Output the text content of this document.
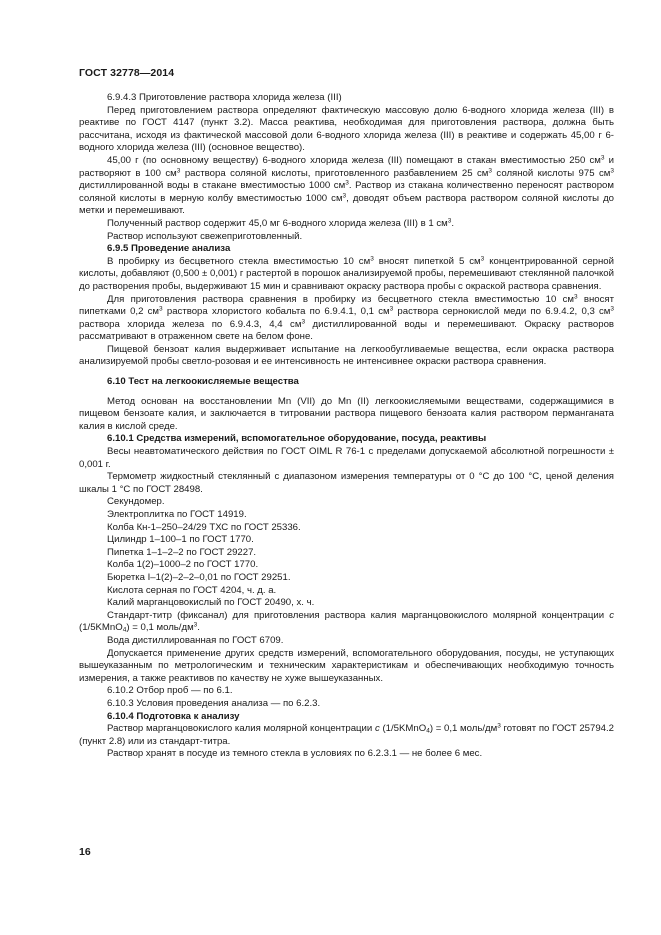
ГОСТ 32778—2014

6.9.4.3 Приготовление раствора хлорида железа (III)

Перед приготовлением раствора определяют фактическую массовую долю 6-водного хлорида железа (III) в реактиве по ГОСТ 4147 (пункт 3.2). Масса реактива, необходимая для приготовления раствора, должна быть рассчитана, исходя из фактической массовой доли 6-водного хлорида железа (III) в реактиве и содержать 45,00 г 6-водного хлорида железа (III) (основное вещество).

45,00 г (по основному веществу) 6-водного хлорида железа (III) помещают в стакан вместимостью 250 $см^3$ и растворяют в 100 $см^3$ раствора соляной кислоты, приготовленного разбавлением 25 $см^3$ соляной кислоты 975 $см^3$ дистиллированной воды в стакане вместимостью 1000 $см^3$. Раствор из стакана количественно переносят раствором соляной кислоты в мерную колбу вместимостью 1000 $см^3$, доводят объем раствора раствором соляной кислоты до метки и перемешивают.

Полученный раствор содержит 45,0 мг 6-водного хлорида железа (III) в 1 $см^3$.

Раствор используют свежеприготовленный.

6.9.5 Проведение анализа

В пробирку из бесцветного стекла вместимостью 10 $см^3$ вносят пипеткой 5 $см^3$ концентрированной серной кислоты, добавляют (0,500 ± 0,001) г растертой в порошок анализируемой пробы, перемешивают стеклянной палочкой до растворения пробы, выдерживают 15 мин и сравнивают окраску раствора пробы с окраской раствора сравнения.

Для приготовления раствора сравнения в пробирку из бесцветного стекла вместимостью 10 $см^3$ вносят пипетками 0,2 $см^3$ раствора хлористого кобальта по 6.9.4.1, 0,1 $см^3$ раствора сернокислой меди по 6.9.4.2, 0,3 $см^3$ раствора хлорида железа по 6.9.4.3, 4,4 $см^3$ дистиллированной воды и перемешивают. Окраску растворов рассматривают в отраженном свете на белом фоне.

Пищевой бензоат калия выдерживает испытание на легкообугливаемые вещества, если окраска раствора анализируемой пробы светло-розовая и ее интенсивность не интенсивнее окраски раствора сравнения.

6.10 Тест на легкоокисляемые вещества

Метод основан на восстановлении Mn (VII) до Mn (II) легкоокисляемыми веществами, содержащимися в пищевом бензоате калия, и заключается в титровании раствора пищевого бензоата калия раствором перманганата калия в кислой среде.

6.10.1 Средства измерений, вспомогательное оборудование, посуда, реактивы

Весы неавтоматического действия по ГОСТ OIML R 76-1 с пределами допускаемой абсолютной погрешности ± 0,001 г.

Термометр жидкостный стеклянный с диапазоном измерения температуры от 0 °С до 100 °С, ценой деления шкалы 1 °С по ГОСТ 28498.

Секундомер.

Электроплитка по ГОСТ 14919.

Колба Кн-1–250–24/29 ТХС по ГОСТ 25336.

Цилиндр 1–100–1 по ГОСТ 1770.

Пипетка 1–1–2–2 по ГОСТ 29227.

Колба 1(2)–1000–2 по ГОСТ 1770.

Бюретка I–1(2)–2–2–0,01 по ГОСТ 29251.

Кислота серная по ГОСТ 4204, ч. д. а.

Калий марганцовокислый по ГОСТ 20490, х. ч.

Стандарт-титр (фиксанал) для приготовления раствора калия марганцовокислого молярной концентрации с (1/5KMnO$_4$) = 0,1 моль/$дм^3$.

Вода дистиллированная по ГОСТ 6709.

Допускается применение других средств измерений, вспомогательного оборудования, посуды, не уступающих вышеуказанным по метрологическим и техническим характеристикам и обеспечивающих необходимую точность измерения, а также реактивов по качеству не хуже вышеуказанных.

6.10.2 Отбор проб — по 6.1.

6.10.3 Условия проведения анализа — по 6.2.3.

6.10.4 Подготовка к анализу

Раствор марганцовокислого калия молярной концентрации с (1/5KMnO$_4$) = 0,1 моль/$дм^3$ готовят по ГОСТ 25794.2 (пункт 2.8) или из стандарт-титра.

Раствор хранят в посуде из темного стекла в условиях по 6.2.3.1 — не более 6 мес.

16
